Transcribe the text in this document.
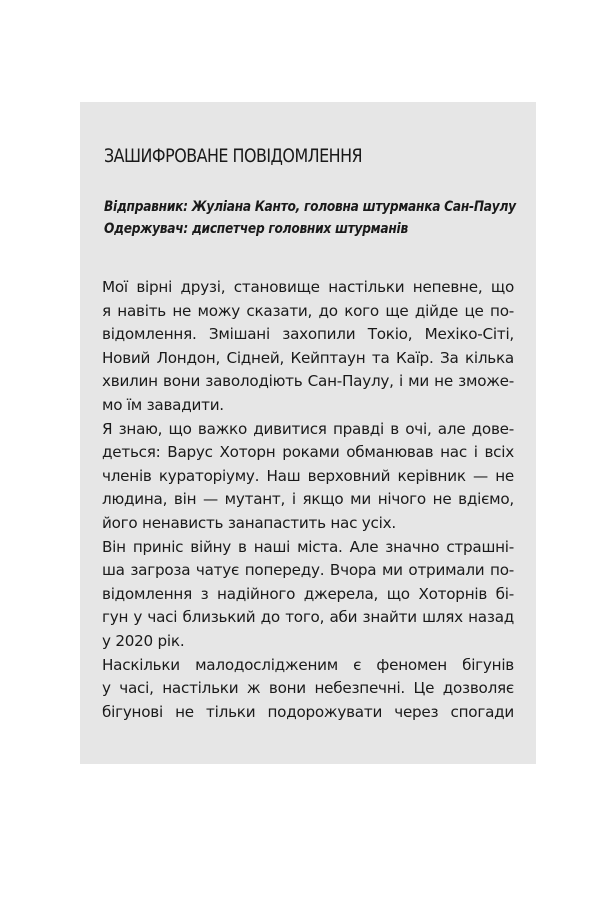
ЗАШИФРОВАНЕ ПОВІДОМЛЕННЯ
Відправник: Жуліана Канто, головна штурманка Сан-Паулу
Одержувач: диспетчер головних штурманів
Мої вірні друзі, становище настільки непевне, що
я навіть не можу сказати, до кого ще дійде це по-
відомлення. Змішані захопили Токіо, Мехіко-Сіті,
Новий Лондон, Сідней, Кейптаун та Каїр. За кілька
хвилин вони заволодіють Сан-Паулу, і ми не зможе-
мо їм завадити.
Я знаю, що важко дивитися правді в очі, але дове-
деться: Варус Хоторн роками обманював нас і всіх
членів кураторіуму. Наш верховний керівник — не
людина, він — мутант, і якщо ми нічого не вдіємо,
його ненависть занапастить нас усіх.
Він приніс війну в наші міста. Але значно страшні-
ша загроза чатує попереду. Вчора ми отримали по-
відомлення з надійного джерела, що Хоторнів бі-
гун у часі близький до того, аби знайти шлях назад
у 2020 рік.
Наскільки малодослідженим є феномен бігунів
у часі, настільки ж вони небезпечні. Це дозволяє
бігунові не тільки подорожувати через спогади
